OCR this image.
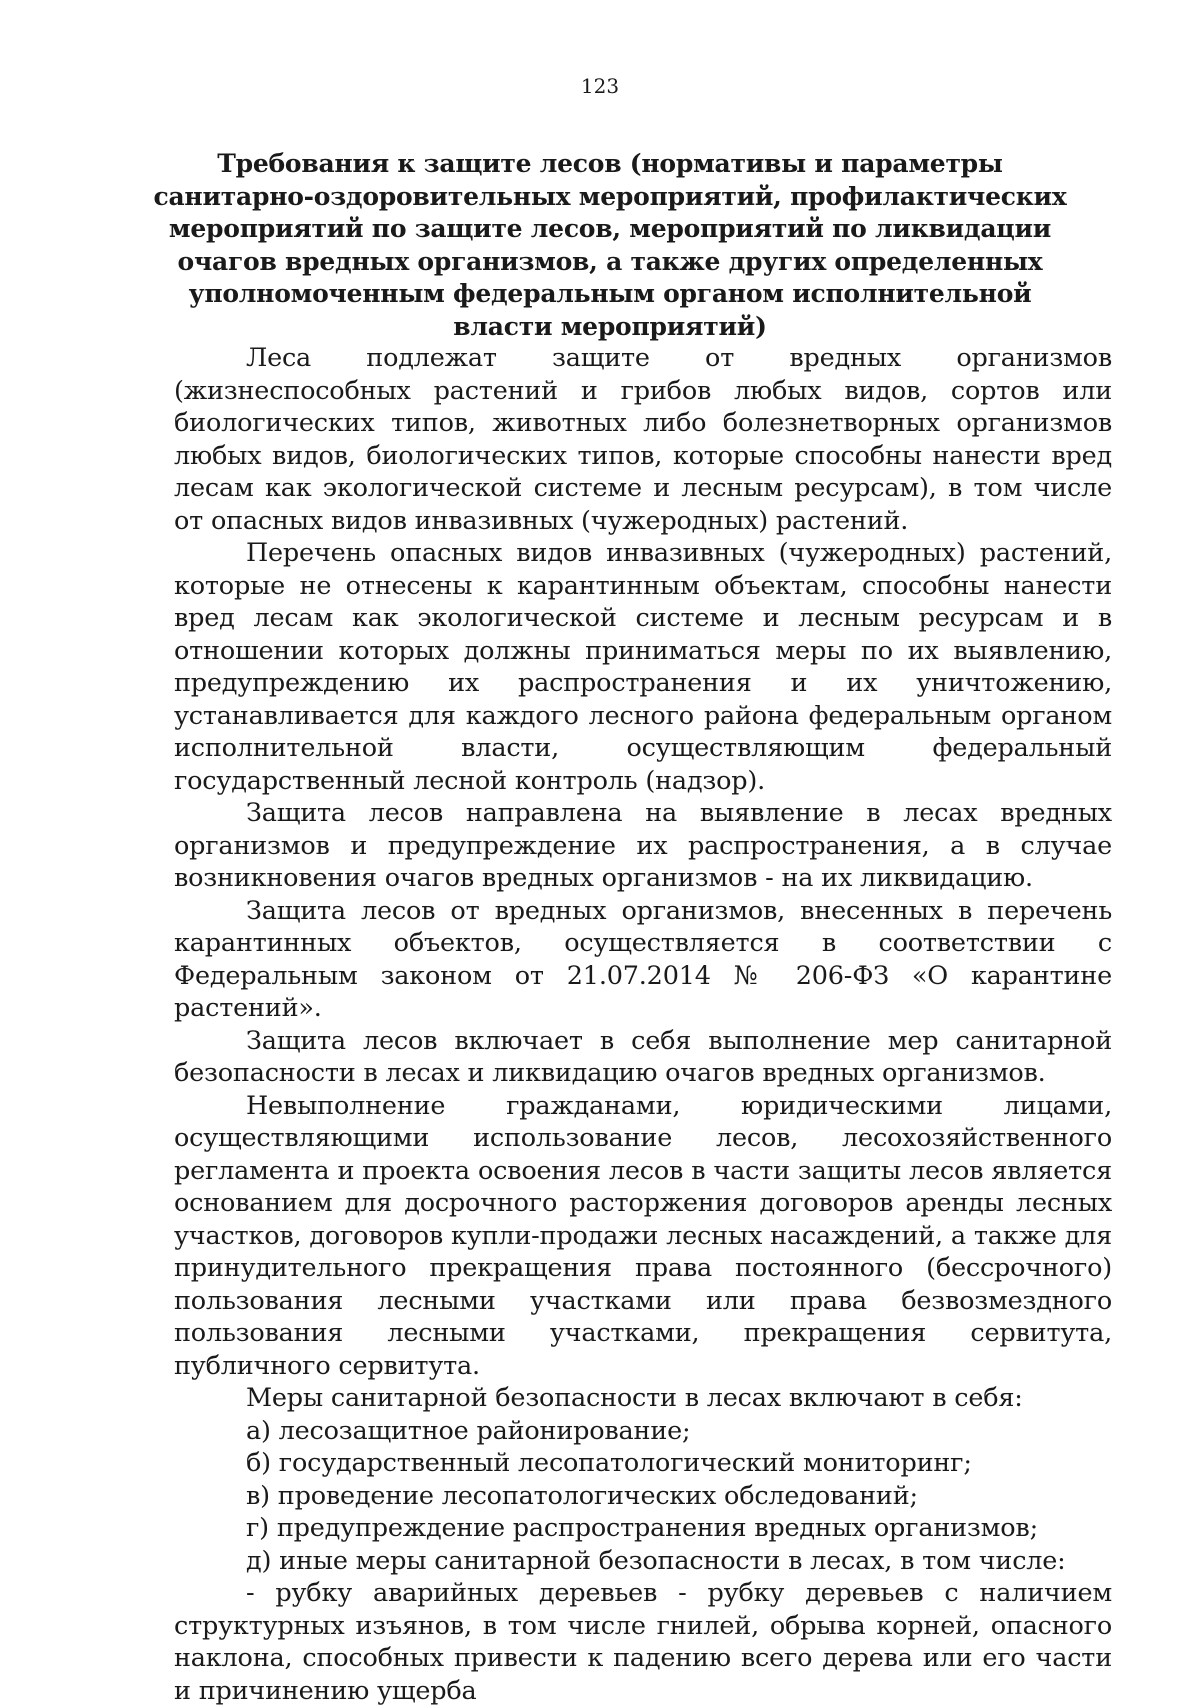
123
Требования к защите лесов (нормативы и параметры санитарно-оздоровительных мероприятий, профилактических мероприятий по защите лесов, мероприятий по ликвидации очагов вредных организмов, а также других определенных уполномоченным федеральным органом исполнительной власти мероприятий)

Леса подлежат защите от вредных организмов (жизнеспособных растений и грибов любых видов, сортов или биологических типов, животных либо болезнетворных организмов любых видов, биологических типов, которые способны нанести вред лесам как экологической системе и лесным ресурсам), в том числе от опасных видов инвазивных (чужеродных) растений.

Перечень опасных видов инвазивных (чужеродных) растений, которые не отнесены к карантинным объектам, способны нанести вред лесам как экологической системе и лесным ресурсам и в отношении которых должны приниматься меры по их выявлению, предупреждению их распространения и их уничтожению, устанавливается для каждого лесного района федеральным органом исполнительной власти, осуществляющим федеральный государственный лесной контроль (надзор).

Защита лесов направлена на выявление в лесах вредных организмов и предупреждение их распространения, а в случае возникновения очагов вредных организмов - на их ликвидацию.

Защита лесов от вредных организмов, внесенных в перечень карантинных объектов, осуществляется в соответствии с Федеральным законом от 21.07.2014 № 206-ФЗ «О карантине растений».

Защита лесов включает в себя выполнение мер санитарной безопасности в лесах и ликвидацию очагов вредных организмов.

Невыполнение гражданами, юридическими лицами, осуществляющими использование лесов, лесохозяйственного регламента и проекта освоения лесов в части защиты лесов является основанием для досрочного расторжения договоров аренды лесных участков, договоров купли-продажи лесных насаждений, а также для принудительного прекращения права постоянного (бессрочного) пользования лесными участками или права безвозмездного пользования лесными участками, прекращения сервитута, публичного сервитута.

Меры санитарной безопасности в лесах включают в себя:

а) лесозащитное районирование;

б) государственный лесопатологический мониторинг;

в) проведение лесопатологических обследований;

г) предупреждение распространения вредных организмов;

д) иные меры санитарной безопасности в лесах, в том числе:

- рубку аварийных деревьев - рубку деревьев с наличием структурных изъянов, в том числе гнилей, обрыва корней, опасного наклона, способных привести к падению всего дерева или его части и причинению ущерба
